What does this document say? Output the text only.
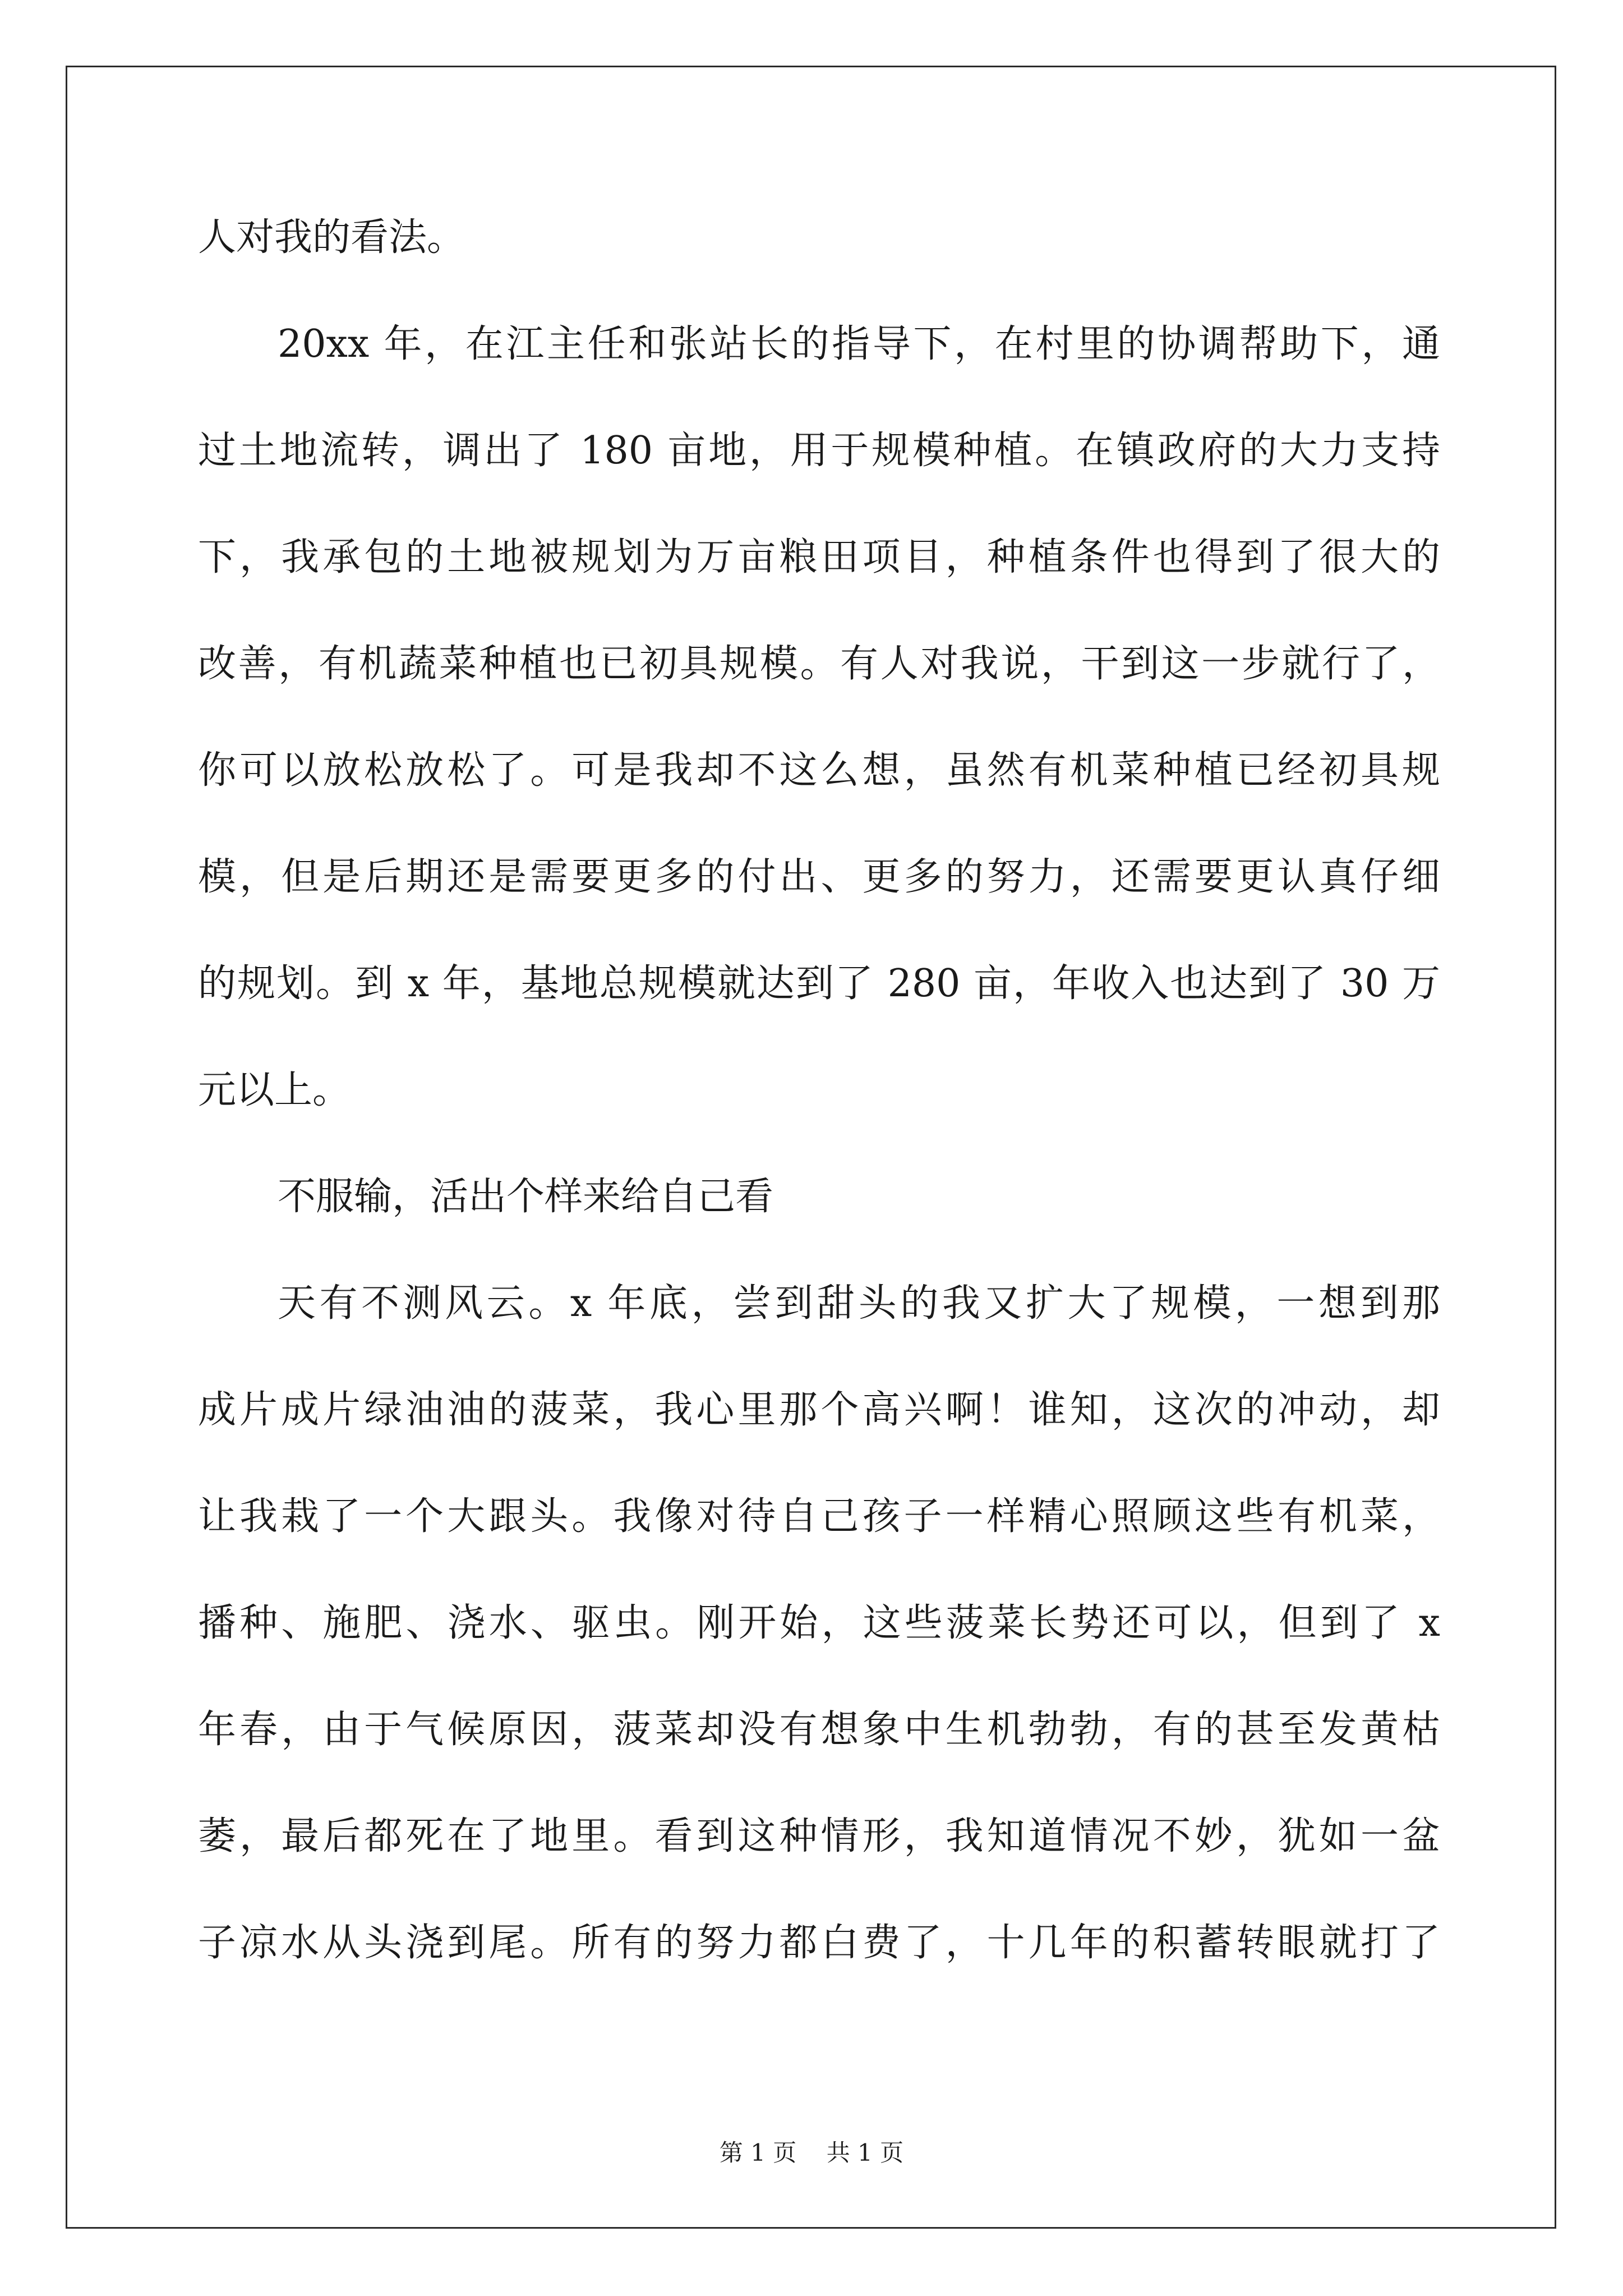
人对我的看法。
20xx 年，在江主任和张站长的指导下，在村里的协调帮助下，通
过土地流转，调出了 180 亩地，用于规模种植。在镇政府的大力支持
下，我承包的土地被规划为万亩粮田项目，种植条件也得到了很大的
改善，有机蔬菜种植也已初具规模。有人对我说，干到这一步就行了，
你可以放松放松了。可是我却不这么想，虽然有机菜种植已经初具规
模，但是后期还是需要更多的付出、更多的努力，还需要更认真仔细
的规划。到 x 年，基地总规模就达到了 280 亩，年收入也达到了 30 万
元以上。
不服输，活出个样来给自己看
天有不测风云。x 年底，尝到甜头的我又扩大了规模，一想到那
成片成片绿油油的菠菜，我心里那个高兴啊！谁知，这次的冲动，却
让我栽了一个大跟头。我像对待自己孩子一样精心照顾这些有机菜，
播种、施肥、浇水、驱虫。刚开始，这些菠菜长势还可以，但到了 x
年春，由于气候原因，菠菜却没有想象中生机勃勃，有的甚至发黄枯
萎，最后都死在了地里。看到这种情形，我知道情况不妙，犹如一盆
子凉水从头浇到尾。所有的努力都白费了，十几年的积蓄转眼就打了
第 1 页    共 1 页
